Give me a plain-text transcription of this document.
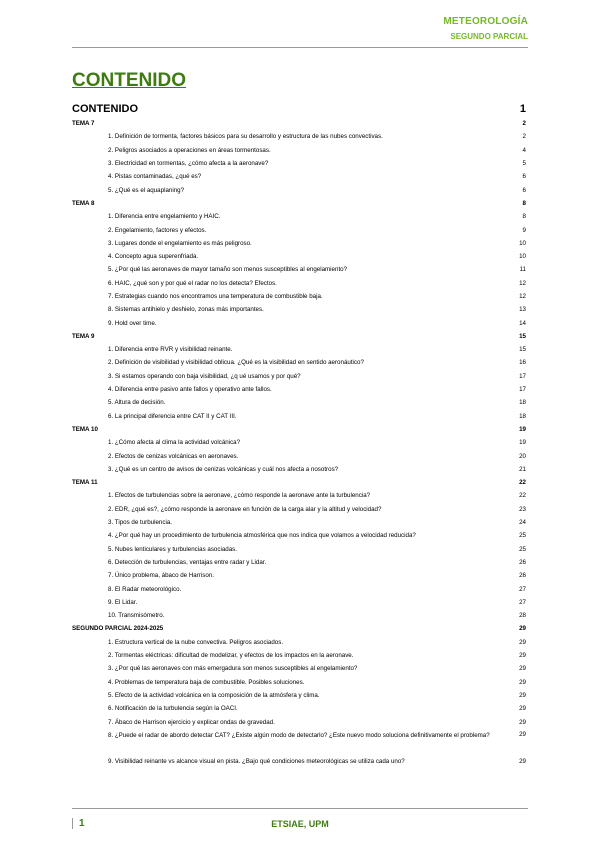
METEOROLOGÍA
SEGUNDO PARCIAL
CONTENIDO
CONTENIDO	1
TEMA 7	2
1. Definición de tormenta, factores básicos para su desarrollo y estructura de las nubes convectivas.	2
2. Peligros asociados a operaciones en áreas tormentosas.	4
3. Electricidad en tormentas, ¿cómo afecta a la aeronave?	5
4. Pistas contaminadas, ¿qué es?	6
5. ¿Qué es el aquaplaning?	6
TEMA 8	8
1. Diferencia entre engelamiento y HAIC.	8
2. Engelamiento, factores y efectos.	9
3. Lugares donde el engelamiento es más peligroso.	10
4. Concepto agua superenfriada.	10
5. ¿Por qué las aeronaves de mayor tamaño son menos susceptibles al engelamiento?	11
6. HAIC, ¿qué son y por qué el radar no los detecta? Efectos.	12
7. Estrategias cuando nos encontramos una temperatura de combustible baja.	12
8. Sistemas antihielo y deshielo, zonas más importantes.	13
9. Hold over time.	14
TEMA 9	15
1. Diferencia entre RVR y visibilidad reinante.	15
2. Definición de visibilidad y visibilidad oblicua. ¿Qué es la visibilidad en sentido aeronáutico?	16
3. Si estamos operando con baja visibilidad, ¿q ué usamos y por qué?	17
4. Diferencia entre pasivo ante fallos y operativo ante fallos.	17
5. Altura de decisión.	18
6. La principal diferencia entre CAT II y CAT III.	18
TEMA 10	19
1. ¿Cómo afecta al clima la actividad volcánica?	19
2. Efectos de cenizas volcánicas en aeronaves.	20
3. ¿Qué es un centro de avisos de cenizas volcánicas y cuál nos afecta a nosotros?	21
TEMA 11	22
1. Efectos de turbulencias sobre la aeronave, ¿cómo responde la aeronave ante la turbulencia?	22
2. EDR, ¿qué es?, ¿cómo responde la aeronave en función de la carga alar y la altitud y velocidad?	23
3. Tipos de turbulencia.	24
4. ¿Por qué hay un procedimiento de turbulencia atmosférica que nos indica que volamos a velocidad reducida?	25
5. Nubes lenticulares y turbulencias asociadas.	25
6. Detección de turbulencias, ventajas entre radar y Lidar.	26
7. Único problema, ábaco de Harrison.	26
8. El Radar meteorológico.	27
9. El Lidar.	27
10. Transmisómetro.	28
SEGUNDO PARCIAL 2024-2025	29
1. Estructura vertical de la nube convectiva. Peligros asociados.	29
2. Tormentas eléctricas: dificultad de modelizar, y efectos de los impactos en la aeronave.	29
3. ¿Por qué las aeronaves con más emergadura son menos susceptibles al engelamiento?	29
4. Problemas de temperatura baja de combustible. Posibles soluciones.	29
5. Efecto de la actividad volcánica en la composición de la atmósfera y clima.	29
6. Notificación de la turbulencia según la OACI.	29
7. Ábaco de Harrison ejercicio y explicar ondas de gravedad.	29
8. ¿Puede el radar de abordo detectar CAT? ¿Existe algún modo de detectarlo? ¿Este nuevo modo soluciona definitivamente el problema?	29
9. Visibilidad reinante vs alcance visual en pista. ¿Bajo qué condiciones meteorológicas se utiliza cada uno?	29
1	ETSIAE, UPM
